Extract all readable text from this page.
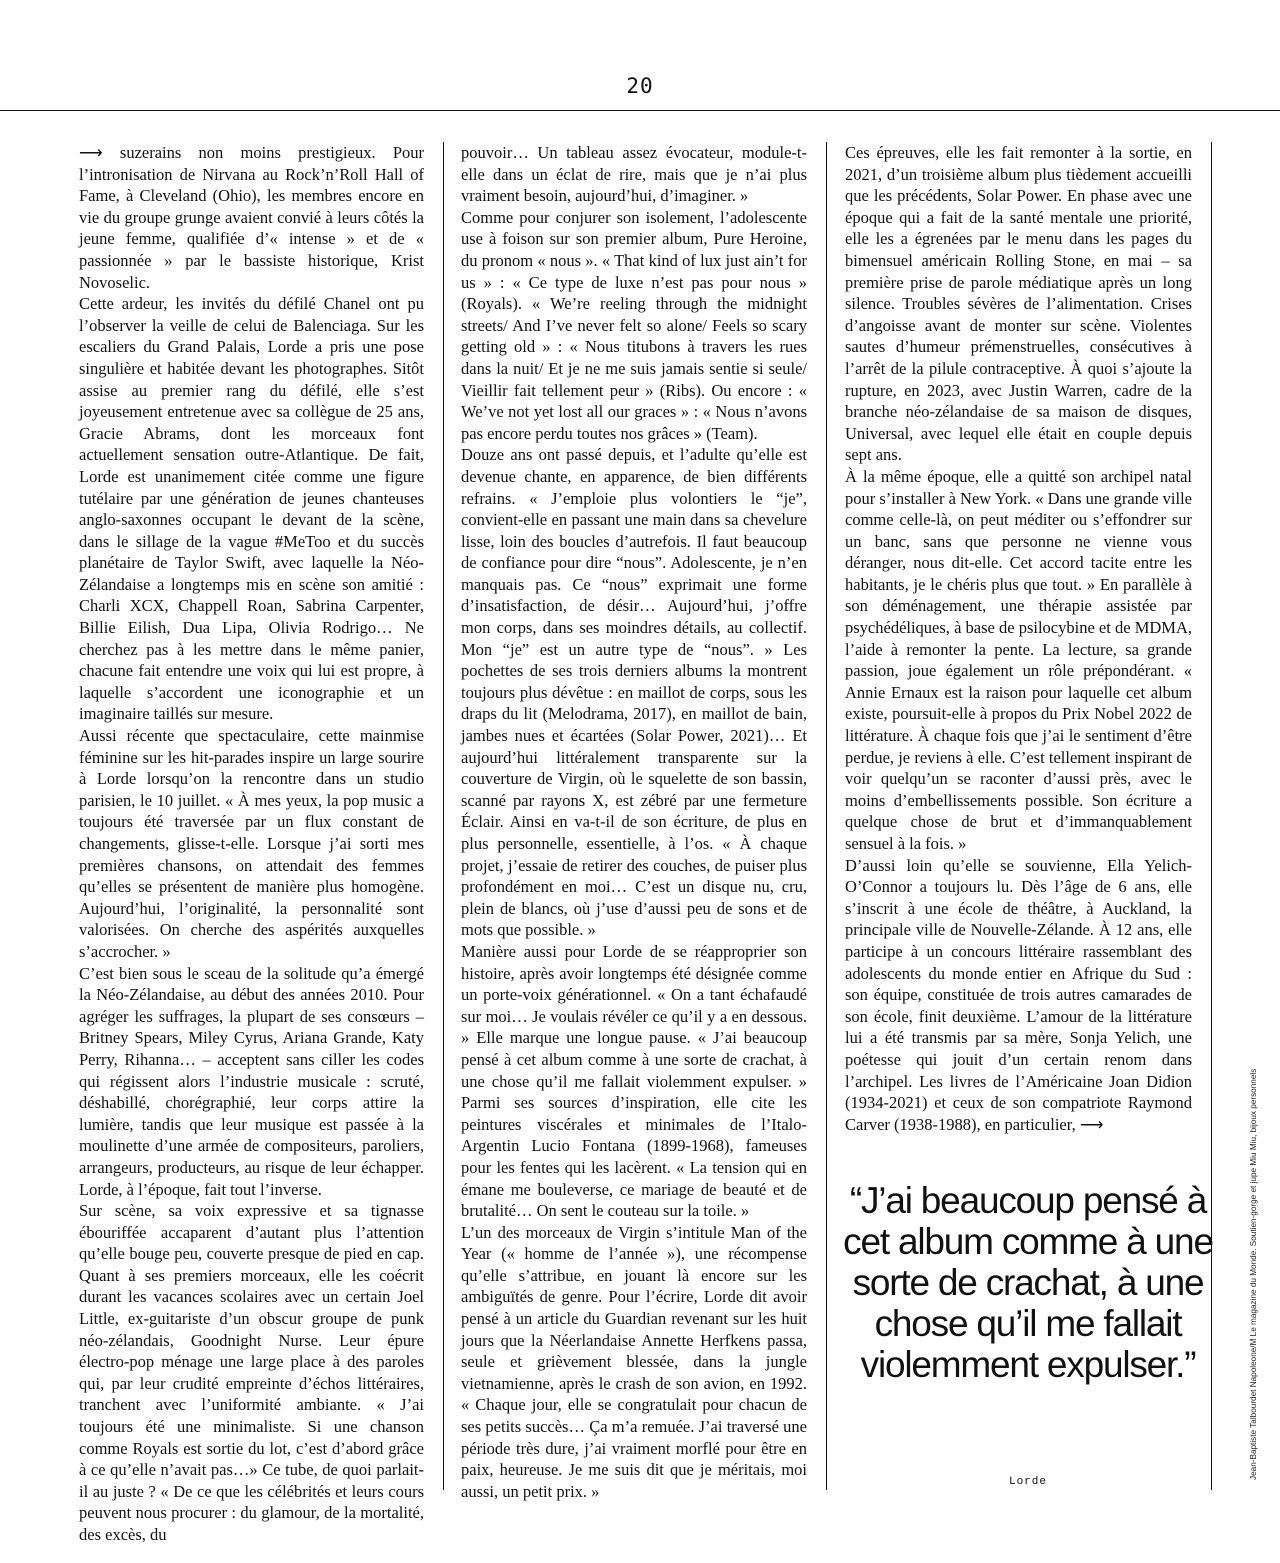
20

⟶ suzerains non moins prestigieux. Pour l’intronisation de Nirvana au Rock’n’Roll Hall of Fame, à Cleveland (Ohio), les membres encore en vie du groupe grunge avaient convié à leurs côtés la jeune femme, qualifiée d’« intense » et de « passionnée » par le bassiste historique, Krist Novoselic.

Cette ardeur, les invités du défilé Chanel ont pu l’observer la veille de celui de Balenciaga. Sur les escaliers du Grand Palais, Lorde a pris une pose singulière et habitée devant les photographes. Sitôt assise au premier rang du défilé, elle s’est joyeusement entretenue avec sa collègue de 25 ans, Gracie Abrams, dont les morceaux font actuellement sensation outre-Atlantique. De fait, Lorde est unanimement citée comme une figure tutélaire par une génération de jeunes chanteuses anglo-saxonnes occupant le devant de la scène, dans le sillage de la vague #MeToo et du succès planétaire de Taylor Swift, avec laquelle la Néo-Zélandaise a longtemps mis en scène son amitié : Charli XCX, Chappell Roan, Sabrina Carpenter, Billie Eilish, Dua Lipa, Olivia Rodrigo… Ne cherchez pas à les mettre dans le même panier, chacune fait entendre une voix qui lui est propre, à laquelle s’accordent une iconographie et un imaginaire taillés sur mesure.

Aussi récente que spectaculaire, cette mainmise féminine sur les hit-parades inspire un large sourire à Lorde lorsqu’on la rencontre dans un studio parisien, le 10 juillet. « À mes yeux, la pop music a toujours été traversée par un flux constant de changements, glisse-t-elle. Lorsque j’ai sorti mes premières chansons, on attendait des femmes qu’elles se présentent de manière plus homogène. Aujourd’hui, l’originalité, la personnalité sont valorisées. On cherche des aspérités auxquelles s’accrocher. »

C’est bien sous le sceau de la solitude qu’a émergé la Néo-Zélandaise, au début des années 2010. Pour agréger les suffrages, la plupart de ses consœurs – Britney Spears, Miley Cyrus, Ariana Grande, Katy Perry, Rihanna… – acceptent sans ciller les codes qui régissent alors l’industrie musicale : scruté, déshabillé, chorégraphié, leur corps attire la lumière, tandis que leur musique est passée à la moulinette d’une armée de compositeurs, paroliers, arrangeurs, producteurs, au risque de leur échapper. Lorde, à l’époque, fait tout l’inverse.

Sur scène, sa voix expressive et sa tignasse ébouriffée accaparent d’autant plus l’attention qu’elle bouge peu, couverte presque de pied en cap. Quant à ses premiers morceaux, elle les coécrit durant les vacances scolaires avec un certain Joel Little, ex-guitariste d’un obscur groupe de punk néo-zélandais, Goodnight Nurse. Leur épure électro-pop ménage une large place à des paroles qui, par leur crudité empreinte d’échos littéraires, tranchent avec l’uniformité ambiante. « J’ai toujours été une minimaliste. Si une chanson comme Royals est sortie du lot, c’est d’abord grâce à ce qu’elle n’avait pas…» Ce tube, de quoi parlait-il au juste ? « De ce que les célébrités et leurs cours peuvent nous procurer : du glamour, de la mortalité, des excès, du

pouvoir… Un tableau assez évocateur, module-t-elle dans un éclat de rire, mais que je n’ai plus vraiment besoin, aujourd’hui, d’imaginer. »

Comme pour conjurer son isolement, l’adolescente use à foison sur son premier album, Pure Heroine, du pronom « nous ». « That kind of lux just ain’t for us » : « Ce type de luxe n’est pas pour nous » (Royals). « We’re reeling through the midnight streets/ And I’ve never felt so alone/ Feels so scary getting old » : « Nous titubons à travers les rues dans la nuit/ Et je ne me suis jamais sentie si seule/ Vieillir fait tellement peur » (Ribs). Ou encore : « We’ve not yet lost all our graces » : « Nous n’avons pas encore perdu toutes nos grâces » (Team).

Douze ans ont passé depuis, et l’adulte qu’elle est devenue chante, en apparence, de bien différents refrains. « J’emploie plus volontiers le “je”, convient-elle en passant une main dans sa chevelure lisse, loin des boucles d’autrefois. Il faut beaucoup de confiance pour dire “nous”. Adolescente, je n’en manquais pas. Ce “nous” exprimait une forme d’insatisfaction, de désir… Aujourd’hui, j’offre mon corps, dans ses moindres détails, au collectif. Mon “je” est un autre type de “nous”. » Les pochettes de ses trois derniers albums la montrent toujours plus dévêtue : en maillot de corps, sous les draps du lit (Melodrama, 2017), en maillot de bain, jambes nues et écartées (Solar Power, 2021)… Et aujourd’hui littéralement transparente sur la couverture de Virgin, où le squelette de son bassin, scanné par rayons X, est zébré par une fermeture Éclair. Ainsi en va-t-il de son écriture, de plus en plus personnelle, essentielle, à l’os. « À chaque projet, j’essaie de retirer des couches, de puiser plus profondément en moi… C’est un disque nu, cru, plein de blancs, où j’use d’aussi peu de sons et de mots que possible. »

Manière aussi pour Lorde de se réapproprier son histoire, après avoir longtemps été désignée comme un porte-voix générationnel. « On a tant échafaudé sur moi… Je voulais révéler ce qu’il y a en dessous. » Elle marque une longue pause. « J’ai beaucoup pensé à cet album comme à une sorte de crachat, à une chose qu’il me fallait violemment expulser. » Parmi ses sources d’inspiration, elle cite les peintures viscérales et minimales de l’Italo-Argentin Lucio Fontana (1899-1968), fameuses pour les fentes qui les lacèrent. « La tension qui en émane me bouleverse, ce mariage de beauté et de brutalité… On sent le couteau sur la toile. »

L’un des morceaux de Virgin s’intitule Man of the Year (« homme de l’année »), une récompense qu’elle s’attribue, en jouant là encore sur les ambiguïtés de genre. Pour l’écrire, Lorde dit avoir pensé à un article du Guardian revenant sur les huit jours que la Néerlandaise Annette Herfkens passa, seule et grièvement blessée, dans la jungle vietnamienne, après le crash de son avion, en 1992. « Chaque jour, elle se congratulait pour chacun de ses petits succès… Ça m’a remuée. J’ai traversé une période très dure, j’ai vraiment morflé pour être en paix, heureuse. Je me suis dit que je méritais, moi aussi, un petit prix. »

Ces épreuves, elle les fait remonter à la sortie, en 2021, d’un troisième album plus tièdement accueilli que les précédents, Solar Power. En phase avec une époque qui a fait de la santé mentale une priorité, elle les a égrenées par le menu dans les pages du bimensuel américain Rolling Stone, en mai – sa première prise de parole médiatique après un long silence. Troubles sévères de l’alimentation. Crises d’angoisse avant de monter sur scène. Violentes sautes d’humeur prémenstruelles, consécutives à l’arrêt de la pilule contraceptive. À quoi s’ajoute la rupture, en 2023, avec Justin Warren, cadre de la branche néo-zélandaise de sa maison de disques, Universal, avec lequel elle était en couple depuis sept ans.

À la même époque, elle a quitté son archipel natal pour s’installer à New York. « Dans une grande ville comme celle-là, on peut méditer ou s’effondrer sur un banc, sans que personne ne vienne vous déranger, nous dit-elle. Cet accord tacite entre les habitants, je le chéris plus que tout. » En parallèle à son déménagement, une thérapie assistée par psychédéliques, à base de psilocybine et de MDMA, l’aide à remonter la pente. La lecture, sa grande passion, joue également un rôle prépondérant. « Annie Ernaux est la raison pour laquelle cet album existe, poursuit-elle à propos du Prix Nobel 2022 de littérature. À chaque fois que j’ai le sentiment d’être perdue, je reviens à elle. C’est tellement inspirant de voir quelqu’un se raconter d’aussi près, avec le moins d’embellissements possible. Son écriture a quelque chose de brut et d’immanquablement sensuel à la fois. »

D’aussi loin qu’elle se souvienne, Ella Yelich-O’Connor a toujours lu. Dès l’âge de 6 ans, elle s’inscrit à une école de théâtre, à Auckland, la principale ville de Nouvelle-Zélande. À 12 ans, elle participe à un concours littéraire rassemblant des adolescents du monde entier en Afrique du Sud : son équipe, constituée de trois autres camarades de son école, finit deuxième. L’amour de la littérature lui a été transmis par sa mère, Sonja Yelich, une poétesse qui jouit d’un certain renom dans l’archipel. Les livres de l’Américaine Joan Didion (1934-2021) et ceux de son compatriote Raymond Carver (1938-1988), en particulier, ⟶

“J’ai beaucoup pensé à cet album comme à une sorte de crachat, à une chose qu’il me fallait violemment expulser.”

Lorde
Jean-Baptiste Talbourdet Napoleone/M Le magazine du Monde. Soutien-gorge et jupe Miu Miu, bijoux personnels
